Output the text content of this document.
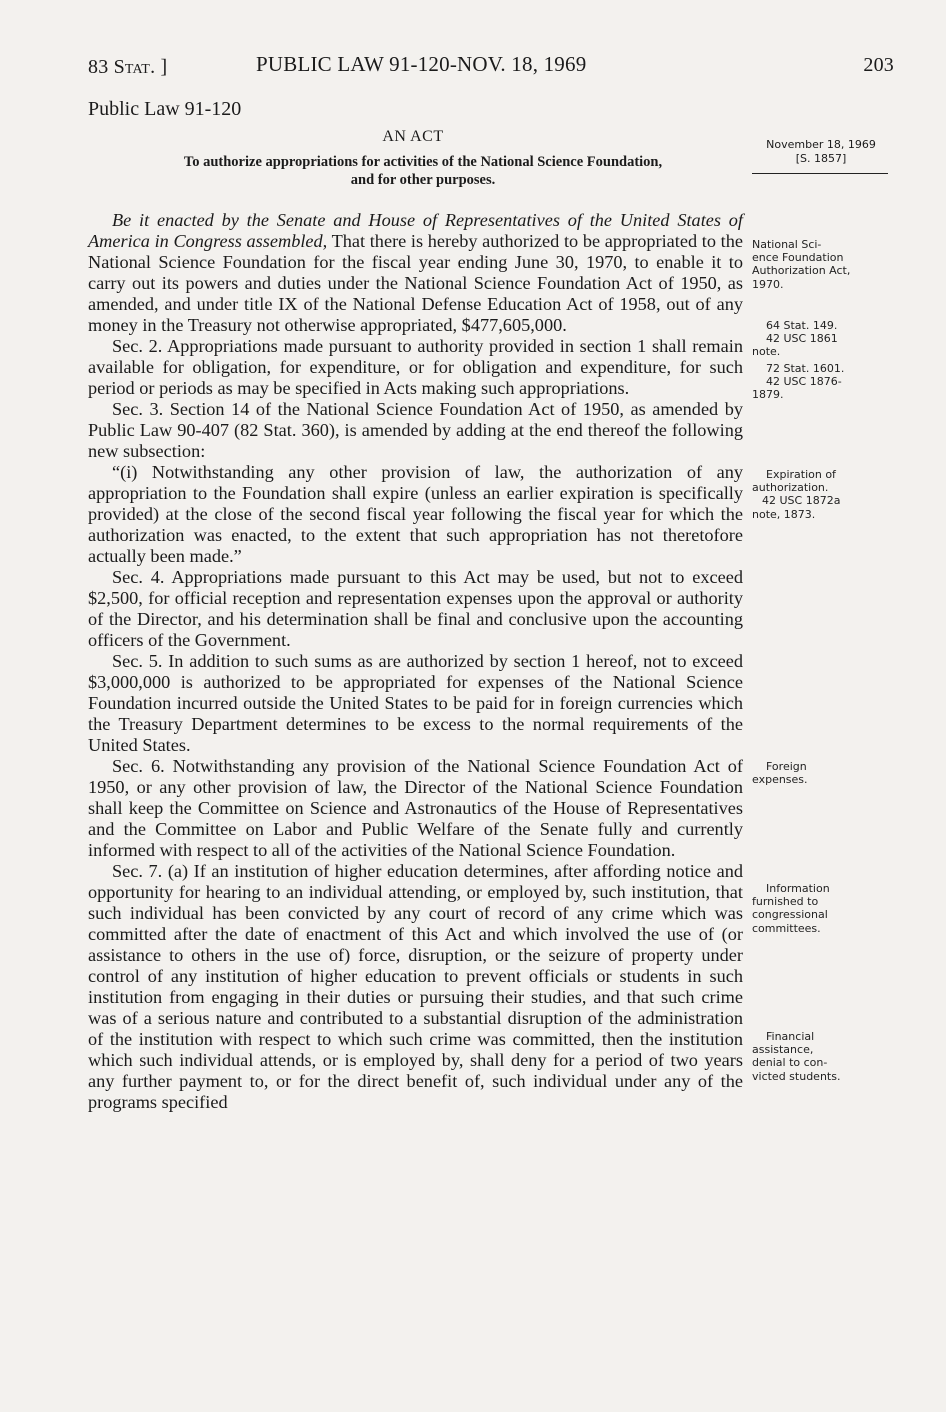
83 Stat. ]	PUBLIC LAW 91-120-NOV. 18, 1969	203
Public Law 91-120
AN ACT
To authorize appropriations for activities of the National Science Foundation,
and for other purposes.
November 18, 1969
[S. 1857]

Be it enacted by the Senate and House of Representatives of the United States of America in Congress assembled, That there is hereby authorized to be appropriated to the National Science Foundation for the fiscal year ending June 30, 1970, to enable it to carry out its powers and duties under the National Science Foundation Act of 1950, as amended, and under title IX of the National Defense Education Act of 1958, out of any money in the Treasury not otherwise appropriated, $477,605,000.

Sec. 2. Appropriations made pursuant to authority provided in section 1 shall remain available for obligation, for expenditure, or for obligation and expenditure, for such period or periods as may be specified in Acts making such appropriations.

Sec. 3. Section 14 of the National Science Foundation Act of 1950, as amended by Public Law 90-407 (82 Stat. 360), is amended by adding at the end thereof the following new subsection:

“(i) Notwithstanding any other provision of law, the authorization of any appropriation to the Foundation shall expire (unless an earlier expiration is specifically provided) at the close of the second fiscal year following the fiscal year for which the authorization was enacted, to the extent that such appropriation has not theretofore actually been made.”

Sec. 4. Appropriations made pursuant to this Act may be used, but not to exceed $2,500, for official reception and representation expenses upon the approval or authority of the Director, and his determination shall be final and conclusive upon the accounting officers of the Government.

Sec. 5. In addition to such sums as are authorized by section 1 hereof, not to exceed $3,000,000 is authorized to be appropriated for expenses of the National Science Foundation incurred outside the United States to be paid for in foreign currencies which the Treasury Department determines to be excess to the normal requirements of the United States.

Sec. 6. Notwithstanding any provision of the National Science Foundation Act of 1950, or any other provision of law, the Director of the National Science Foundation shall keep the Committee on Science and Astronautics of the House of Representatives and the Committee on Labor and Public Welfare of the Senate fully and currently informed with respect to all of the activities of the National Science Foundation.

Sec. 7. (a) If an institution of higher education determines, after affording notice and opportunity for hearing to an individual attending, or employed by, such institution, that such individual has been convicted by any court of record of any crime which was committed after the date of enactment of this Act and which involved the use of (or assistance to others in the use of) force, disruption, or the seizure of property under control of any institution of higher education to prevent officials or students in such institution from engaging in their duties or pursuing their studies, and that such crime was of a serious nature and contributed to a substantial disruption of the administration of the institution with respect to which such crime was committed, then the institution which such individual attends, or is employed by, shall deny for a period of two years any further payment to, or for the direct benefit of, such individual under any of the programs specified

National Sci-
ence Foundation
Authorization Act,
1970.
64 Stat. 149.
42 USC 1861
note.
72 Stat. 1601.
42 USC 1876-
1879.
Expiration of
authorization.
42 USC 1872a
note, 1873.
Foreign
expenses.
Information
furnished to
congressional
committees.
Financial
assistance,
denial to con-
victed students.
